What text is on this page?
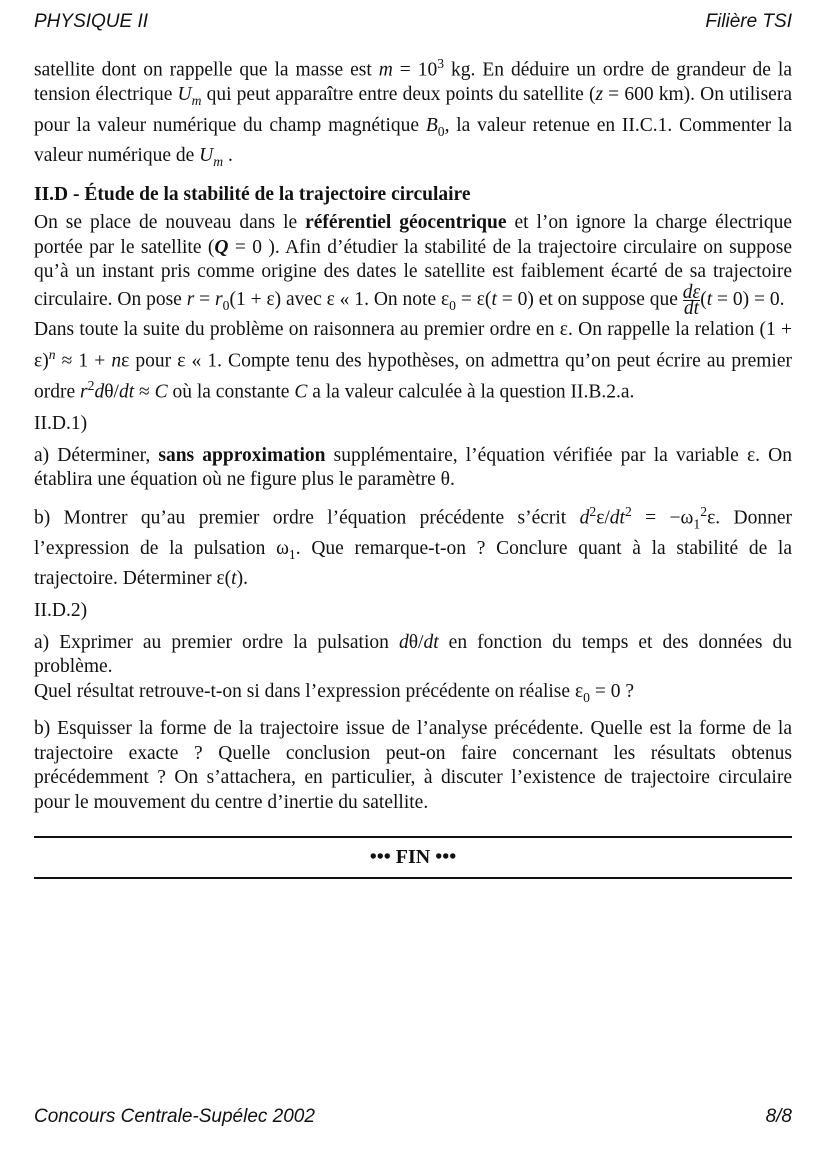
PHYSIQUE II	Filière TSI

satellite dont on rappelle que la masse est $m = 10^3$ kg. En déduire un ordre de grandeur de la tension électrique $U_m$ qui peut apparaître entre deux points du satellite (z = 600 km). On utilisera pour la valeur numérique du champ magnétique $B_0$, la valeur retenue en II.C.1. Commenter la valeur numérique de $U_m$ .

II.D - Étude de la stabilité de la trajectoire circulaire

On se place de nouveau dans le référentiel géocentrique et l’on ignore la charge électrique portée par le satellite (Q = 0 ). Afin d’étudier la stabilité de la trajectoire circulaire on suppose qu’à un instant pris comme origine des dates le satellite est faiblement écarté de sa trajectoire circulaire. On pose $r = r_0(1 + \varepsilon)$ avec ε « 1. On note $\varepsilon_0 = \varepsilon(t = 0)$ et on suppose que $\frac{d\varepsilon}{dt} (t = 0) = 0$.

Dans toute la suite du problème on raisonnera au premier ordre en ε. On rappelle la relation $(1 + \varepsilon)^n \approx 1 + n\varepsilon$ pour ε « 1. Compte tenu des hypothèses, on admettra qu’on peut écrire au premier ordre $r^2d\theta/dt \approx C$ où la constante C a la valeur calculée à la question II.B.2.a.

II.D.1)

a) Déterminer, sans approximation supplémentaire, l’équation vérifiée par la variable ε. On établira une équation où ne figure plus le paramètre θ.

b) Montrer qu’au premier ordre l’équation précédente s’écrit $d^2\varepsilon/dt^2 = -\omega_1^2\varepsilon$. Donner l’expression de la pulsation $\omega_1$. Que remarque-t-on ? Conclure quant à la stabilité de la trajectoire. Déterminer ε(t).

II.D.2)

a) Exprimer au premier ordre la pulsation dθ/dt en fonction du temps et des données du problème.

Quel résultat retrouve-t-on si dans l’expression précédente on réalise $\varepsilon_0 = 0$ ?

b) Esquisser la forme de la trajectoire issue de l’analyse précédente. Quelle est la forme de la trajectoire exacte ? Quelle conclusion peut-on faire concernant les résultats obtenus précédemment ? On s’attachera, en particulier, à discuter l’existence de trajectoire circulaire pour le mouvement du centre d’inertie du satellite.

••• FIN •••
Concours Centrale-Supélec 2002	8/8
